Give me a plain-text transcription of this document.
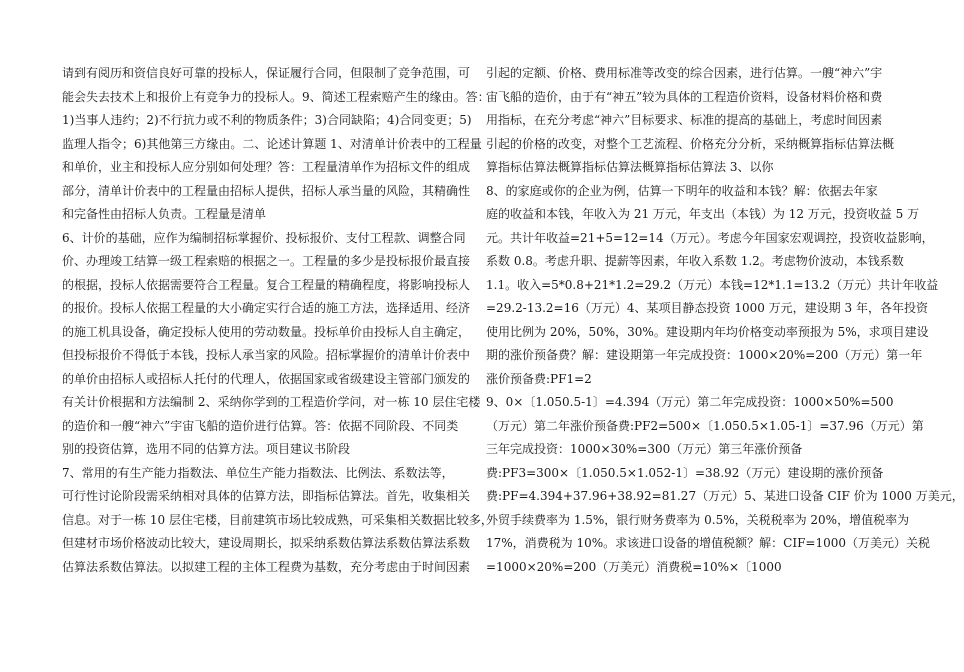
请到有阅历和资信良好可靠的投标人，保证履行合同，但限制了竞争范围，可
能会失去技术上和报价上有竞争力的投标人。9、简述工程索赔产生的缘由。答：
1)当事人违约；2)不行抗力或不利的物质条件；3)合同缺陷；4)合同变更；5)
监理人指令；6)其他第三方缘由。二、论述计算题 1、对清单计价表中的工程量
和单价，业主和投标人应分别如何处理？答：工程量清单作为招标文件的组成
部分，清单计价表中的工程量由招标人提供，招标人承当量的风险，其精确性
和完备性由招标人负责。工程量是清单
6、计价的基础，应作为编制招标掌握价、投标报价、支付工程款、调整合同
价、办理竣工结算一级工程索赔的根据之一。工程量的多少是投标报价最直接
的根据，投标人依据需要符合工程量。复合工程量的精确程度，将影响投标人
的报价。投标人依据工程量的大小确定实行合适的施工方法，选择适用、经济
的施工机具设备，确定投标人使用的劳动数量。投标单价由投标人自主确定，
但投标报价不得低于本钱，投标人承当家的风险。招标掌握价的清单计价表中
的单价由招标人或招标人托付的代理人，依据国家或省级建设主管部门颁发的
有关计价根据和方法编制 2、采纳你学到的工程造价学问，对一栋 10 层住宅楼
的造价和一艘“神六”宇宙飞船的造价进行估算。答：依据不同阶段、不同类
别的投资估算，选用不同的估算方法。项目建议书阶段
7、常用的有生产能力指数法、单位生产能力指数法、比例法、系数法等，
可行性讨论阶段需采纳相对具体的估算方法，即指标估算法。首先，收集相关
信息。对于一栋 10 层住宅楼，目前建筑市场比较成熟，可采集相关数据比较多，
但建材市场价格波动比较大，建设周期长，拟采纳系数估算法系数估算法系数
估算法系数估算法。以拟建工程的主体工程费为基数，充分考虑由于时间因素
引起的定额、价格、费用标准等改变的综合因素，进行估算。一艘“神六”宇
宙飞船的造价，由于有“神五”较为具体的工程造价资料，设备材料价格和费
用指标，在充分考虑“神六”目标要求、标准的提高的基础上，考虑时间因素
引起的价格的改变，对整个工艺流程、价格充分分析，采纳概算指标估算法概
算指标估算法概算指标估算法概算指标估算法 3、以你
8、的家庭或你的企业为例，估算一下明年的收益和本钱？解：依据去年家
庭的收益和本钱，年收入为 21 万元，年支出（本钱）为 12 万元，投资收益 5 万
元。共计年收益=21+5=12=14（万元）。考虑今年国家宏观调控，投资收益影响，
系数 0.8。考虑升职、提薪等因素，年收入系数 1.2。考虑物价波动，本钱系数
1.1。收入=5*0.8+21*1.2=29.2（万元）本钱=12*1.1=13.2（万元）共计年收益
=29.2-13.2=16（万元）4、某项目静态投资 1000 万元，建设期 3 年，各年投资
使用比例为 20%，50%，30%。建设期内年均价格变动率预报为 5%，求项目建设
期的涨价预备费？解：建设期第一年完成投资：1000×20%=200（万元）第一年
涨价预备费:PF1=2
9、0×〔1.050.5-1〕=4.394（万元）第二年完成投资：1000×50%=500
（万元）第二年涨价预备费:PF2=500×〔1.050.5×1.05-1〕=37.96（万元）第
三年完成投资：1000×30%=300（万元）第三年涨价预备
费:PF3=300×〔1.050.5×1.052-1〕=38.92（万元）建设期的涨价预备
费:PF=4.394+37.96+38.92=81.27（万元）5、某进口设备 CIF 价为 1000 万美元，
外贸手续费率为 1.5%，银行财务费率为 0.5%，关税税率为 20%，增值税率为
17%，消费税为 10%。求该进口设备的增值税额？解：CIF=1000（万美元）关税
=1000×20%=200（万美元）消费税=10%×〔1000
